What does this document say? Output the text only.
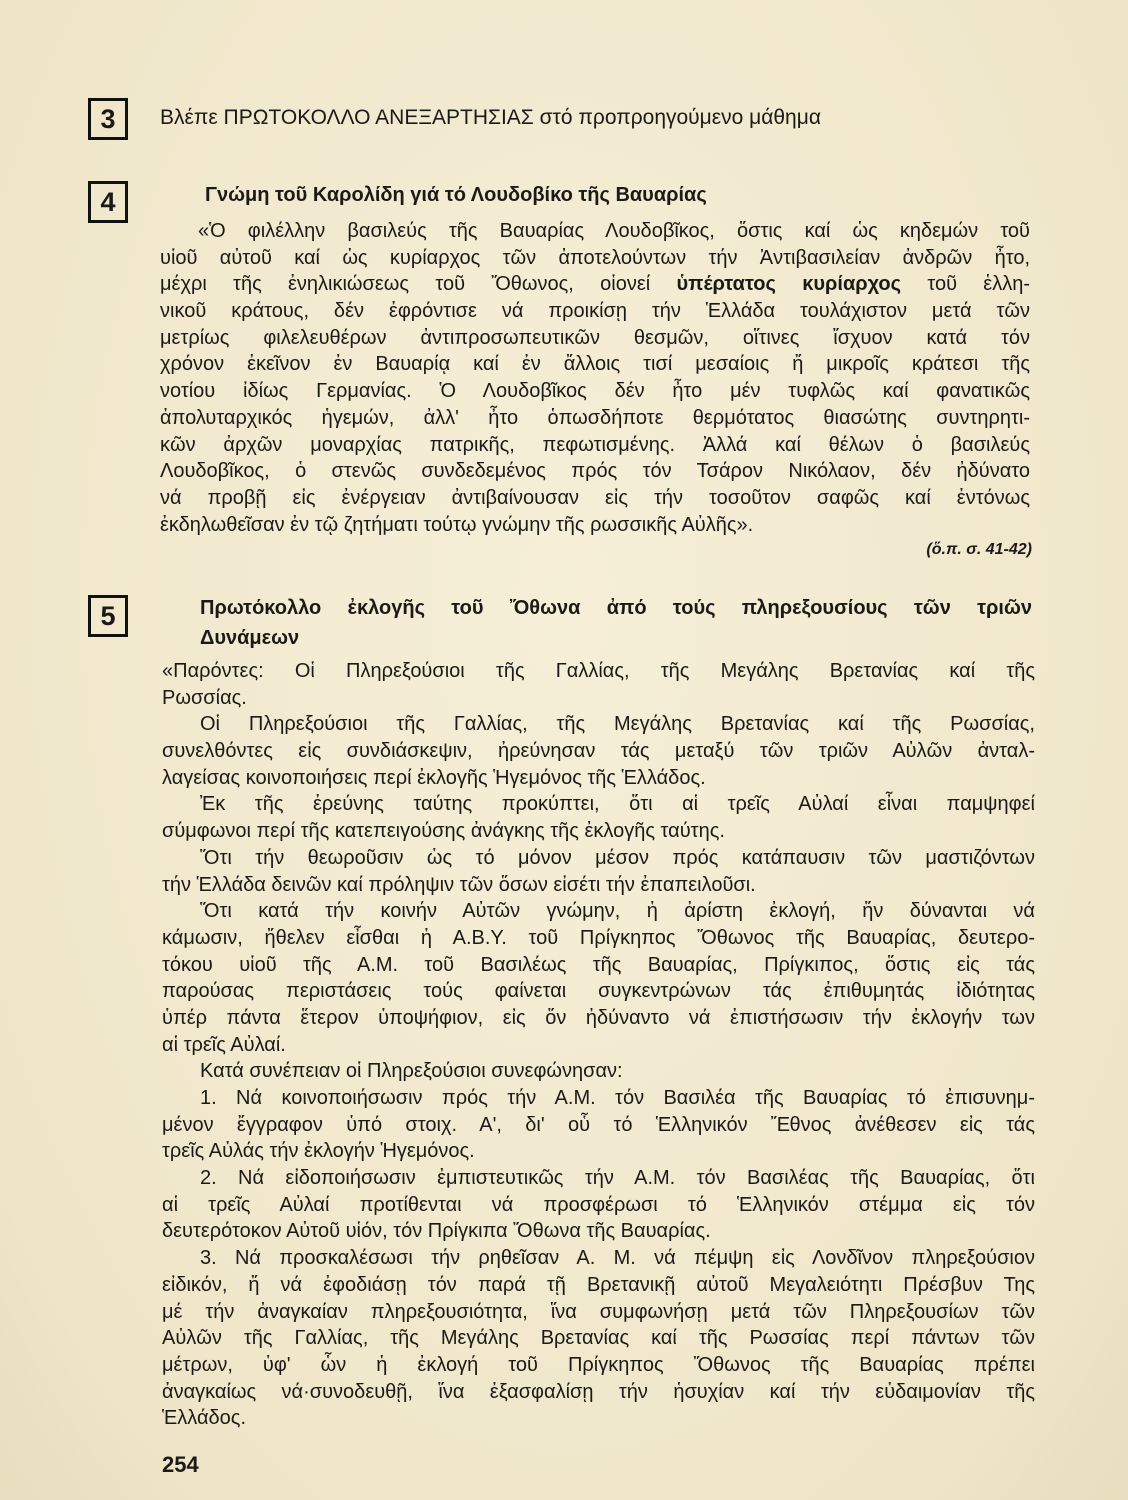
3	Βλέπε ΠΡΩΤΟΚΟΛΛΟ ΑΝΕΞΑΡΤΗΣΙΑΣ στό προπροηγούμενο μάθημα
4	Γνώμη τοῦ Καρολίδη γιά τό Λουδοβίκο τῆς Βαυαρίας
«Ὁ φιλέλλην βασιλεύς τῆς Βαυαρίας Λουδοβῖκος, ὅστις καί ὡς κηδεμών τοῦ
υἱοῦ αὐτοῦ καί ὡς κυρίαρχος τῶν ἀποτελούντων τήν Ἀντιβασιλείαν ἀνδρῶν ἦτο,
μέχρι τῆς ἐνηλικιώσεως τοῦ Ὄθωνος, οἱονεί ὑπέρτατος κυρίαρχος τοῦ ἑλλη-
νικοῦ κράτους, δέν ἐφρόντισε νά προικίσῃ τήν Ἑλλάδα τουλάχιστον μετά τῶν
μετρίως φιλελευθέρων ἀντιπροσωπευτικῶν θεσμῶν, οἵτινες ἴσχυον κατά τόν
χρόνον ἐκεῖνον ἐν Βαυαρίᾳ καί ἐν ἄλλοις τισί μεσαίοις ἤ μικροῖς κράτεσι τῆς
νοτίου ἰδίως Γερμανίας. Ὁ Λουδοβῖκος δέν ἦτο μέν τυφλῶς καί φανατικῶς
ἀπολυταρχικός ἡγεμών, ἀλλ' ἦτο ὁπωσδήποτε θερμότατος θιασώτης συντηρητι-
κῶν ἀρχῶν μοναρχίας πατρικῆς, πεφωτισμένης. Ἀλλά καί θέλων ὁ βασιλεύς
Λουδοβῖκος, ὁ στενῶς συνδεδεμένος πρός τόν Τσάρον Νικόλαον, δέν ἠδύνατο
νά προβῇ εἰς ἐνέργειαν ἀντιβαίνουσαν εἰς τήν τοσοῦτον σαφῶς καί ἐντόνως
ἐκδηλωθεῖσαν ἐν τῷ ζητήματι τούτῳ γνώμην τῆς ρωσσικῆς Αὐλῆς».
(ὅ.π. σ. 41-42)
5	Πρωτόκολλο ἐκλογῆς τοῦ Ὄθωνα ἀπό τούς πληρεξουσίους τῶν τριῶν
Δυνάμεων
«Παρόντες: Οἱ Πληρεξούσιοι τῆς Γαλλίας, τῆς Μεγάλης Βρετανίας καί τῆς
Ρωσσίας.
Οἱ Πληρεξούσιοι τῆς Γαλλίας, τῆς Μεγάλης Βρετανίας καί τῆς Ρωσσίας,
συνελθόντες εἰς συνδιάσκεψιν, ἠρεύνησαν τάς μεταξύ τῶν τριῶν Αὐλῶν ἀνταλ-
λαγείσας κοινοποιήσεις περί ἐκλογῆς Ἡγεμόνος τῆς Ἑλλάδος.
Ἐκ τῆς ἐρεύνης ταύτης προκύπτει, ὅτι αἱ τρεῖς Αὐλαί εἶναι παμψηφεί
σύμφωνοι περί τῆς κατεπειγούσης ἀνάγκης τῆς ἐκλογῆς ταύτης.
Ὅτι τήν θεωροῦσιν ὡς τό μόνον μέσον πρός κατάπαυσιν τῶν μαστιζόντων
τήν Ἑλλάδα δεινῶν καί πρόληψιν τῶν ὅσων εἰσέτι τήν ἐπαπειλοῦσι.
Ὅτι κατά τήν κοινήν Αὐτῶν γνώμην, ἡ ἀρίστη ἐκλογή, ἥν δύνανται νά
κάμωσιν, ἤθελεν εἶσθαι ἡ Α.Β.Υ. τοῦ Πρίγκηπος Ὄθωνος τῆς Βαυαρίας, δευτερο-
τόκου υἱοῦ τῆς Α.Μ. τοῦ Βασιλέως τῆς Βαυαρίας, Πρίγκιπος, ὅστις εἰς τάς
παρούσας περιστάσεις τούς φαίνεται συγκεντρώνων τάς ἐπιθυμητάς ἰδιότητας
ὑπέρ πάντα ἕτερον ὑποψήφιον, εἰς ὅν ἠδύναντο νά ἐπιστήσωσιν τήν ἐκλογήν των
αἱ τρεῖς Αὐλαί.
Κατά συνέπειαν οἱ Πληρεξούσιοι συνεφώνησαν:
1. Νά κοινοποιήσωσιν πρός τήν Α.Μ. τόν Βασιλέα τῆς Βαυαρίας τό ἐπισυνημ-
μένον ἔγγραφον ὑπό στοιχ. Α', δι' οὗ τό Ἑλληνικόν Ἔθνος ἀνέθεσεν εἰς τάς
τρεῖς Αὐλάς τήν ἐκλογήν Ἡγεμόνος.
2. Νά εἰδοποιήσωσιν ἐμπιστευτικῶς τήν Α.Μ. τόν Βασιλέας τῆς Βαυαρίας, ὅτι
αἱ τρεῖς Αὐλαί προτίθενται νά προσφέρωσι τό Ἑλληνικόν στέμμα εἰς τόν
δευτερότοκον Αὐτοῦ υἱόν, τόν Πρίγκιπα Ὄθωνα τῆς Βαυαρίας.
3. Νά προσκαλέσωσι τήν ρηθεῖσαν Α. Μ. νά πέμψη εἰς Λονδῖνον πληρεξούσιον
εἰδικόν, ἤ νά ἐφοδιάσῃ τόν παρά τῇ Βρετανικῇ αὐτοῦ Μεγαλειότητι Πρέσβυν Της
μέ τήν ἀναγκαίαν πληρεξουσιότητα, ἵνα συμφωνήσῃ μετά τῶν Πληρεξουσίων τῶν
Αὐλῶν τῆς Γαλλίας, τῆς Μεγάλης Βρετανίας καί τῆς Ρωσσίας περί πάντων τῶν
μέτρων, ὑφ' ὧν ἡ ἐκλογή τοῦ Πρίγκηπος Ὄθωνος τῆς Βαυαρίας πρέπει
ἀναγκαίως νά·συνοδευθῇ, ἵνα ἐξασφαλίσῃ τήν ἡσυχίαν καί τήν εὐδαιμονίαν τῆς
Ἑλλάδος.
254
